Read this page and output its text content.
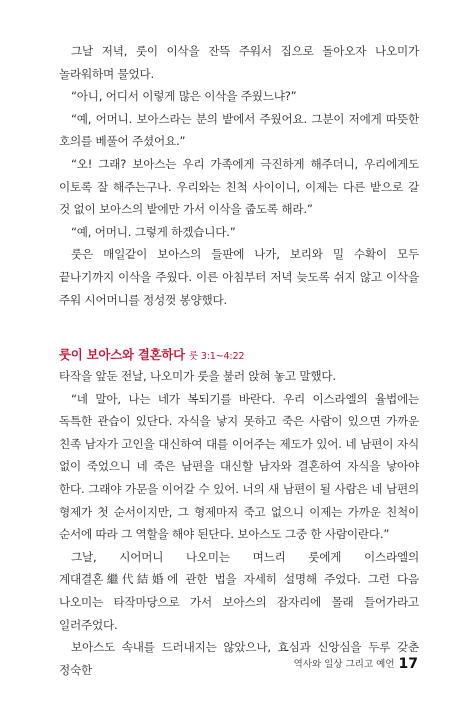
그날 저녁, 룻이 이삭을 잔뜩 주워서 집으로 돌아오자 나오미가 놀라워하며 물었다.

“아니, 어디서 이렇게 많은 이삭을 주웠느냐?”

“예, 어머니. 보아스라는 분의 밭에서 주웠어요. 그분이 저에게 따뜻한 호의를 베풀어 주셨어요.”

“오! 그래? 보아스는 우리 가족에게 극진하게 해주더니, 우리에게도 이토록 잘 해주는구나. 우리와는 친척 사이이니, 이제는 다른 밭으로 갈 것 없이 보아스의 밭에만 가서 이삭을 줍도록 해라.”

“예, 어머니. 그렇게 하겠습니다.”

룻은 매일같이 보아스의 들판에 나가, 보리와 밀 수확이 모두 끝나기까지 이삭을 주웠다. 이른 아침부터 저녁 늦도록 쉬지 않고 이삭을 주워 시어머니를 정성껏 봉양했다.

룻이 보아스와 결혼하다 룻 3:1~4:22

타작을 앞둔 전날, 나오미가 룻을 불러 앉혀 놓고 말했다.

“네 말아, 나는 네가 복되기를 바란다. 우리 이스라엘의 율법에는 독특한 관습이 있단다. 자식을 낳지 못하고 죽은 사람이 있으면 가까운 친족 남자가 고인을 대신하여 대를 이어주는 제도가 있어. 네 남편이 자식 없이 죽었으니 네 죽은 남편을 대신할 남자와 결혼하여 자식을 낳아야 한다. 그래야 가문을 이어갈 수 있어. 너의 새 남편이 될 사람은 네 남편의 형제가 첫 순서이지만, 그 형제마저 죽고 없으니 이제는 가까운 친척이 순서에 따라 그 역할을 해야 된단다. 보아스도 그중 한 사람이란다.”

그날, 시어머니 나오미는 며느리 룻에게 이스라엘의 계대결혼繼代結婚에 관한 법을 자세히 설명해 주었다. 그런 다음 나오미는 타작마당으로 가서 보아스의 잠자리에 몰래 들어가라고 일러주었다.

보아스도 속내를 드러내지는 않았으나, 효심과 신앙심을 두루 갖춘 정숙한	역사와 일상 그리고 예언 17
